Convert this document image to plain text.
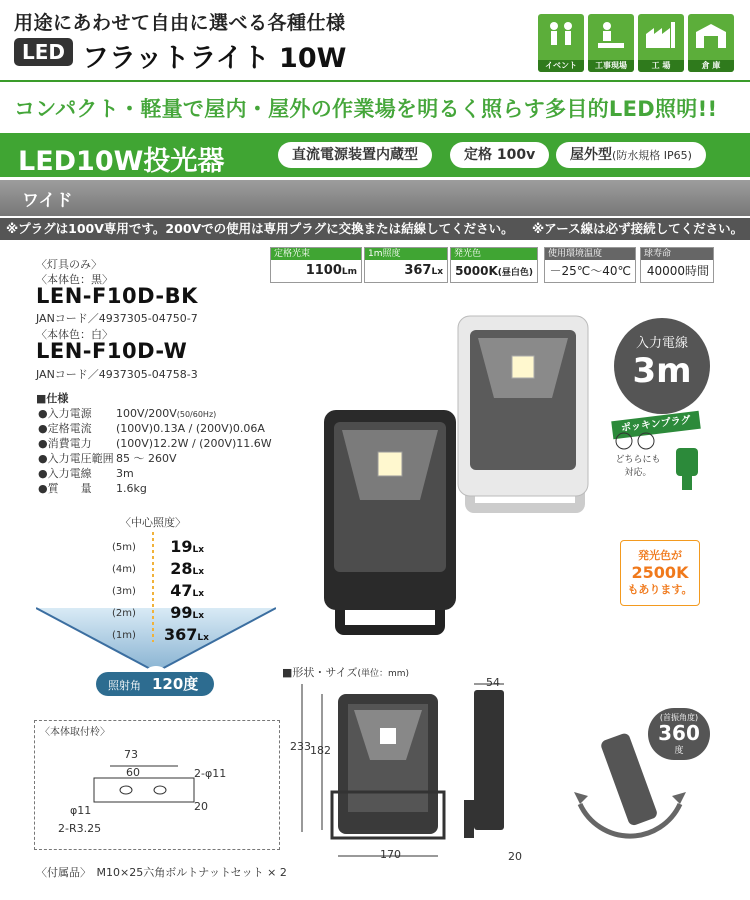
用途にあわせて自由に選べる各種仕様
LED フラットライト 10W	イベント	工事現場	工 場	倉 庫
コンパクト・軽量で屋内・屋外の作業場を明るく照らす多目的LED照明!!
LED10W投光器	直流電源装置内蔵型	定格 100v	屋外型(防水規格 IP65)
ワイド
※プラグは100V専用です。200Vでの使用は専用プラグに交換または結線してください。	※アース線は必ず接続してください。
定格光束
1100Lm
1m照度
367Lx
発光色
5000K(昼白色)
使用環境温度
－25℃～40℃
球寿命
40000時間
〈灯具のみ〉
〈本体色：黒〉
LEN-F10D-BK
JANコード／4937305-04750-7
〈本体色：白〉
LEN-F10D-W
JANコード／4937305-04758-3
■仕様
●入力電源 100V/200V(50/60Hz)
●定格電流 (100V)0.13A / (200V)0.06A
●消費電力 (100V)12.2W / (200V)11.6W
●入力電圧範囲 85 ～ 260V
●入力電線 3m
●質　　量 1.6kg
〈中心照度〉
(5m)	19Lx
(4m)	28Lx
(3m)	47Lx
(2m)	99Lx
(1m) 367Lx
照射角　 120度
入力電線
3m
ポッキンプラグ
どちらにも対応。
発光色が
2500K
もあります。
■形状・サイズ(単位：mm)
233 182
170
54
20
〈本体取付柃〉
73
60	2-φ11
φ11
2-R3.25
20
(首振角度)
360
度
〈付属品〉　M10×25六角ボルトナットセット × 2
